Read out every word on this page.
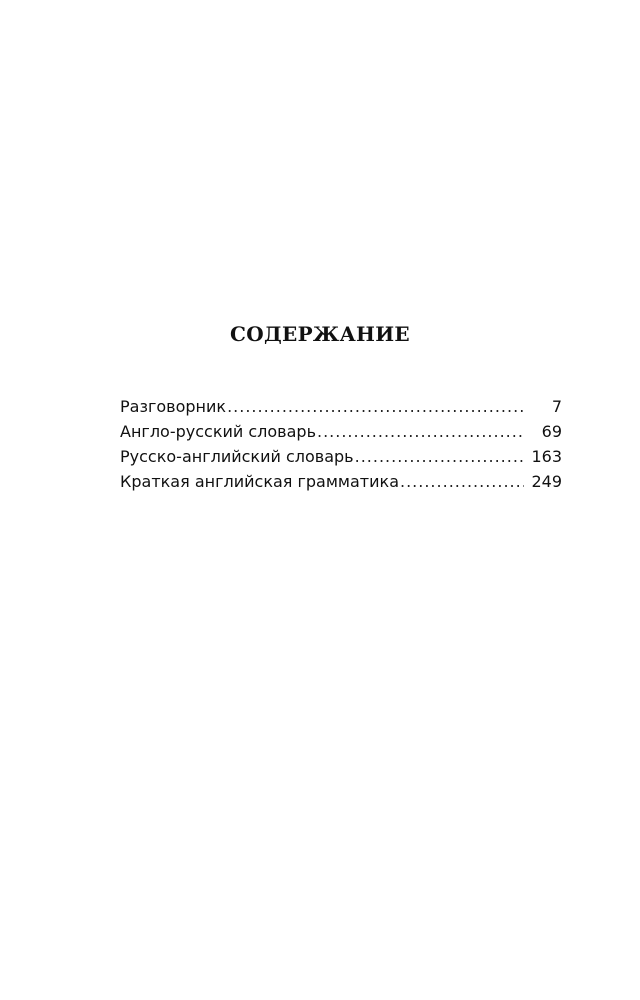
СОДЕРЖАНИЕ
Разговорник .....	7
Англо-русский словарь .....	69
Русско-английский словарь .....	163
Краткая английская грамматика .....	249
